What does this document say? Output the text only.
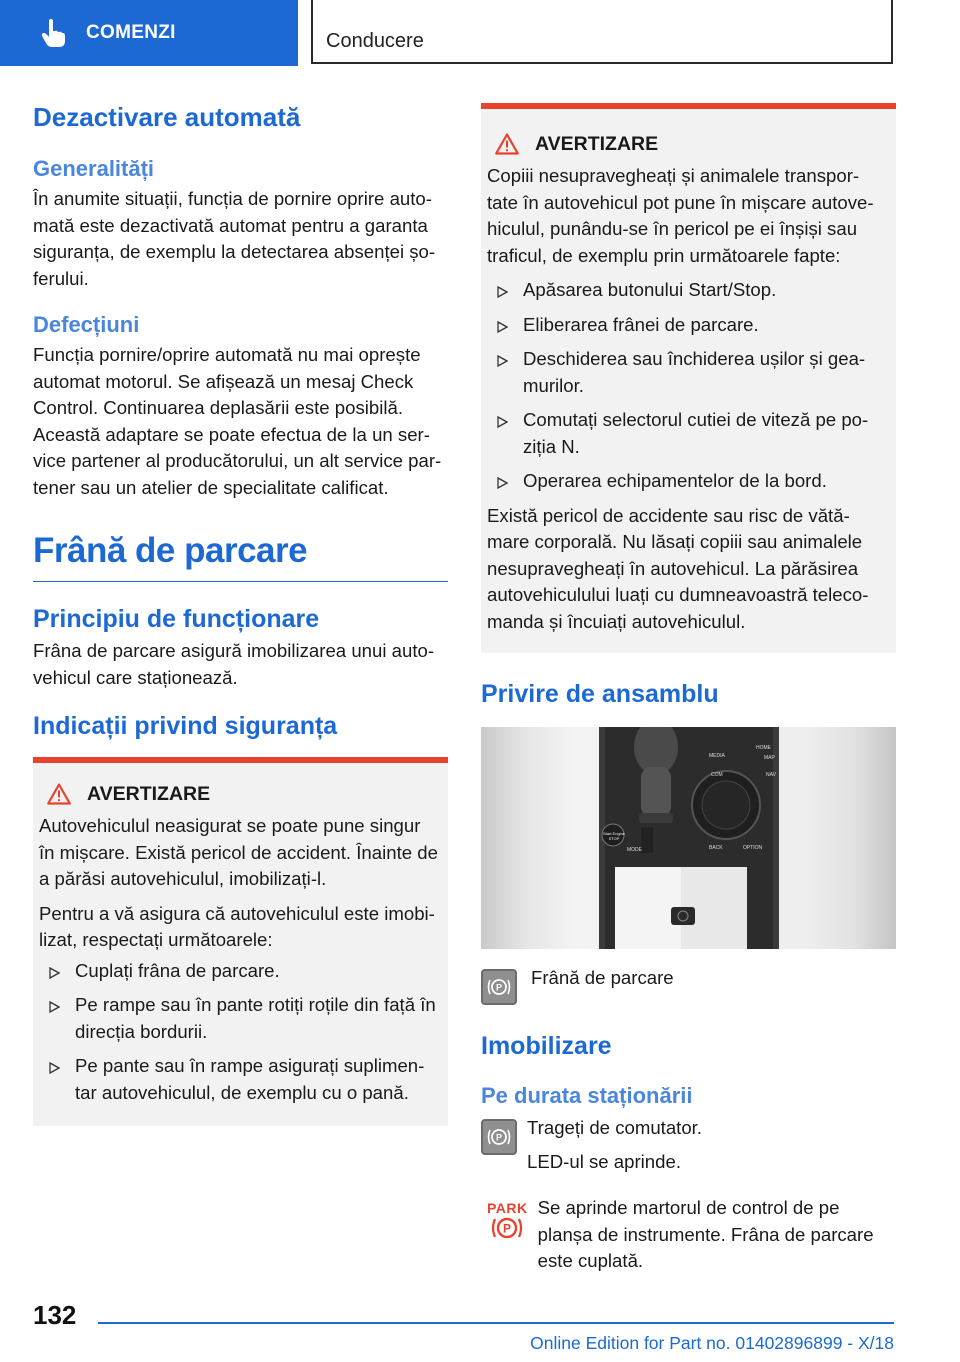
COMENZI	Conducere
Dezactivare automată
Generalități

În anumite situații, funcția de pornire oprire auto-mată este dezactivată automat pentru a garanta siguranța, de exemplu la detectarea absenței șo-ferului.

Defecțiuni

Funcția pornire/oprire automată nu mai oprește automat motorul. Se afișează un mesaj Check Control. Continuarea deplasării este posibilă. Această adaptare se poate efectua de la un ser-vice partener al producătorului, un alt service par-tener sau un atelier de specialitate calificat.

Frână de parcare
Principiu de funcționare

Frâna de parcare asigură imobilizarea unui auto-vehicul care staționează.

Indicații privind siguranța
AVERTIZARE

Autovehiculul neasigurat se poate pune singur în mișcare. Există pericol de accident. Înainte de a părăsi autovehiculul, imobilizați-l.

Pentru a vă asigura că autovehiculul este imobi-lizat, respectați următoarele:

Cuplați frâna de parcare.
Pe rampe sau în pante rotiți roțile din față în direcția bordurii.
Pe pante sau în rampe asigurați suplimen-tar autovehiculul, de exemplu cu o pană.
AVERTIZARE

Copiii nesupravegheați și animalele transpor-tate în autovehicul pot pune în mișcare autove-hiculul, punându-se în pericol pe ei înșiși sau traficul, de exemplu prin următoarele fapte:

Apăsarea butonului Start/Stop.
Eliberarea frânei de parcare.
Deschiderea sau închiderea ușilor și gea-murilor.
Comutați selectorul cutiei de viteză pe po-ziția N.
Operarea echipamentelor de la bord.

Există pericol de accidente sau risc de vătă-mare corporală. Nu lăsați copiii sau animalele nesupravegheați în autovehicul. La părăsirea autovehiculului luați cu dumneavoastră teleco-manda și încuiați autovehiculul.

Privire de ansamblu
MEDIA
HOME
MAP
COM	NAV
BACK	OPTION
Start Engine STOP
MODE
P Frână de parcare

Imobilizare
Pe durata staționării
P Trageți de comutator.

LED-ul se aprinde.

PARK
P

Se aprinde martorul de control de pe planșa de instrumente. Frâna de parcare este cuplată.

132
Online Edition for Part no. 01402896899 - X/18
